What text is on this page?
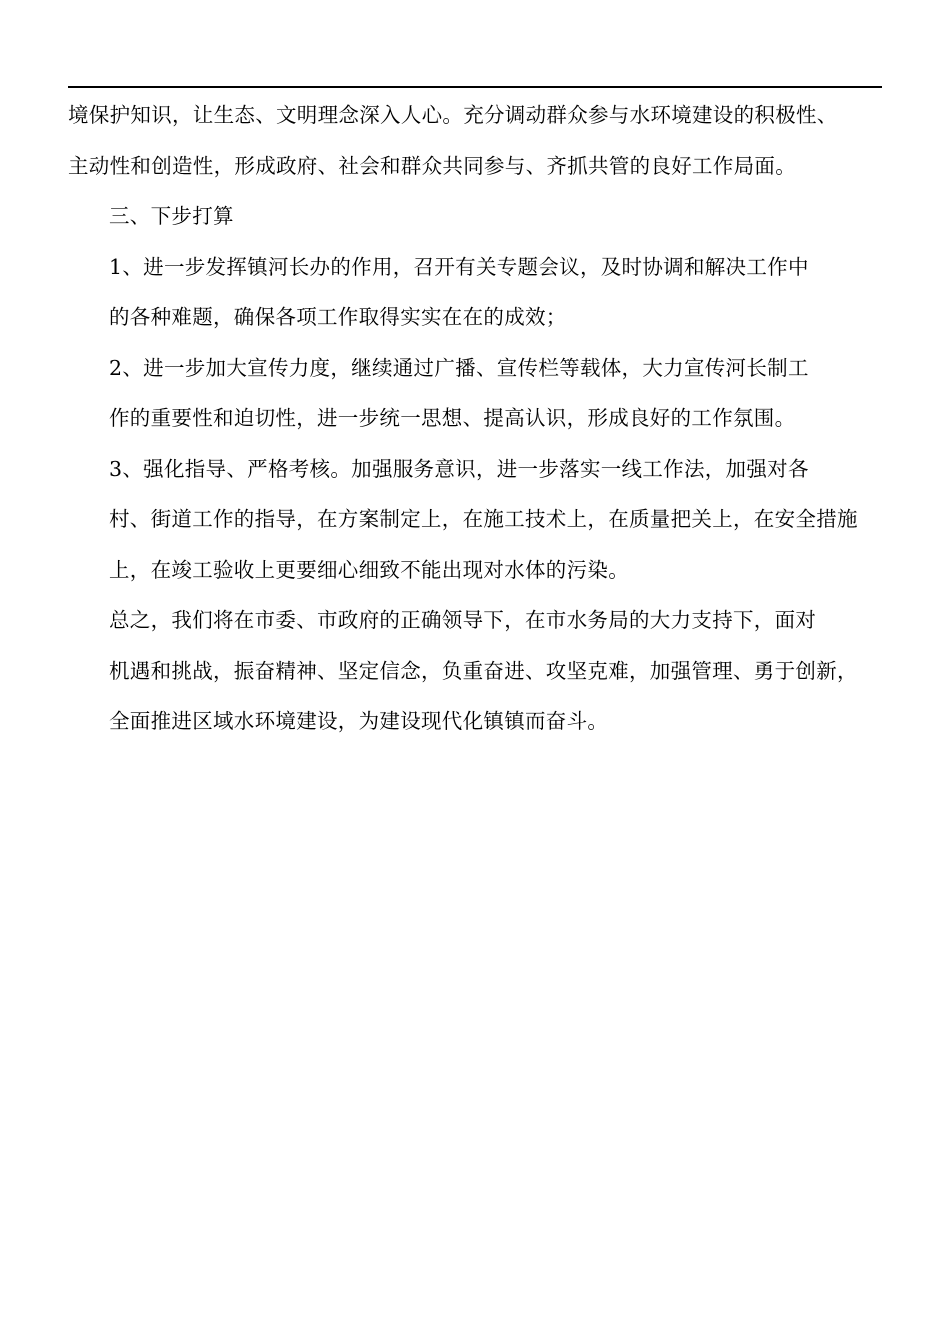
境保护知识，让生态、文明理念深入人心。充分调动群众参与水环境建设的积极性、
主动性和创造性，形成政府、社会和群众共同参与、齐抓共管的良好工作局面。

三、下步打算

1、进一步发挥镇河长办的作用，召开有关专题会议，及时协调和解决工作中
的各种难题，确保各项工作取得实实在在的成效；

2、进一步加大宣传力度，继续通过广播、宣传栏等载体，大力宣传河长制工
作的重要性和迫切性，进一步统一思想、提高认识，形成良好的工作氛围。

3、强化指导、严格考核。加强服务意识，进一步落实一线工作法，加强对各
村、街道工作的指导，在方案制定上，在施工技术上，在质量把关上，在安全措施
上，在竣工验收上更要细心细致不能出现对水体的污染。

总之，我们将在市委、市政府的正确领导下，在市水务局的大力支持下，面对
机遇和挑战，振奋精神、坚定信念，负重奋进、攻坚克难，加强管理、勇于创新，
全面推进区域水环境建设，为建设现代化镇镇而奋斗。
